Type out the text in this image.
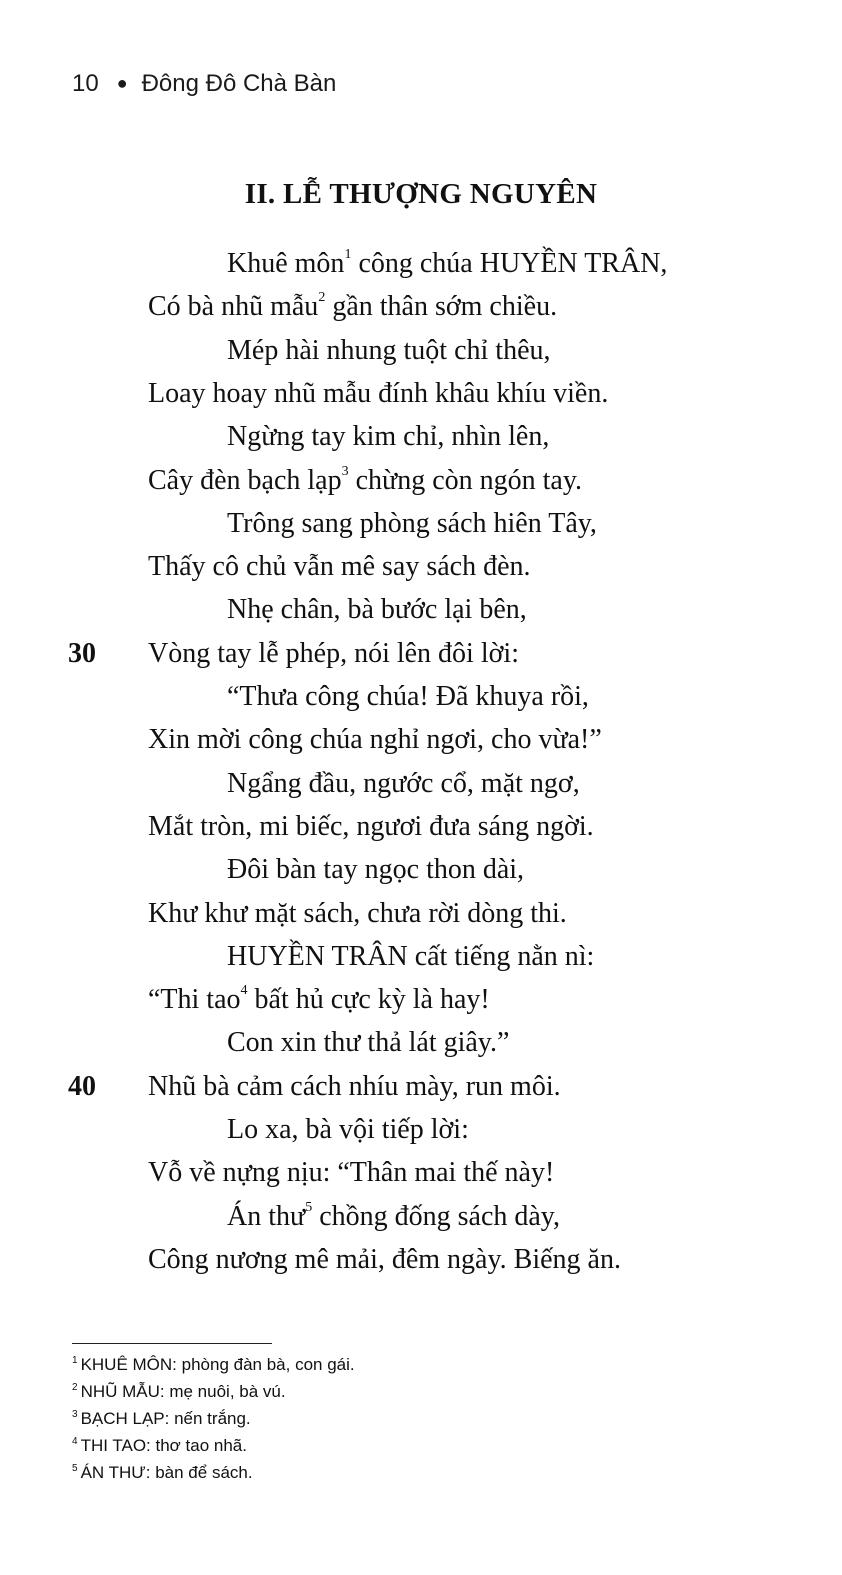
10 ● Đông Đô Chà Bàn
II. LỄ THƯỢNG NGUYÊN
Khuê môn$^1$ công chúa HUYỀN TRÂN,
Có bà nhũ mẫu$^2$ gần thân sớm chiều.
Mép hài nhung tuột chỉ thêu,
Loay hoay nhũ mẫu đính khâu khíu viền.
Ngừng tay kim chỉ, nhìn lên,
Cây đèn bạch lạp$^3$ chừng còn ngón tay.
Trông sang phòng sách hiên Tây,
Thấy cô chủ vẫn mê say sách đèn.
Nhẹ chân, bà bước lại bên,
Vòng tay lễ phép, nói lên đôi lời:
30
“Thưa công chúa! Đã khuya rồi,
Xin mời công chúa nghỉ ngơi, cho vừa!”
Ngẩng đầu, ngước cổ, mặt ngơ,
Mắt tròn, mi biếc, ngươi đưa sáng ngời.
Đôi bàn tay ngọc thon dài,
Khư khư mặt sách, chưa rời dòng thi.
HUYỀN TRÂN cất tiếng nằn nì:
“Thi tao$^4$ bất hủ cực kỳ là hay!
Con xin thư thả lát giây.”
Nhũ bà cảm cách nhíu mày, run môi.
40
Lo xa, bà vội tiếp lời:
Vỗ về nựng nịu: “Thân mai thế này!
Án thư$^5$ chồng đống sách dày,
Công nương mê mải, đêm ngày. Biếng ăn.
$^1$ KHUÊ MÔN: phòng đàn bà, con gái.
$^2$ NHŨ MẪU: mẹ nuôi, bà vú.
$^3$ BẠCH LẠP: nến trắng.
$^4$ THI TAO: thơ tao nhã.
$^5$ ÁN THƯ: bàn để sách.
